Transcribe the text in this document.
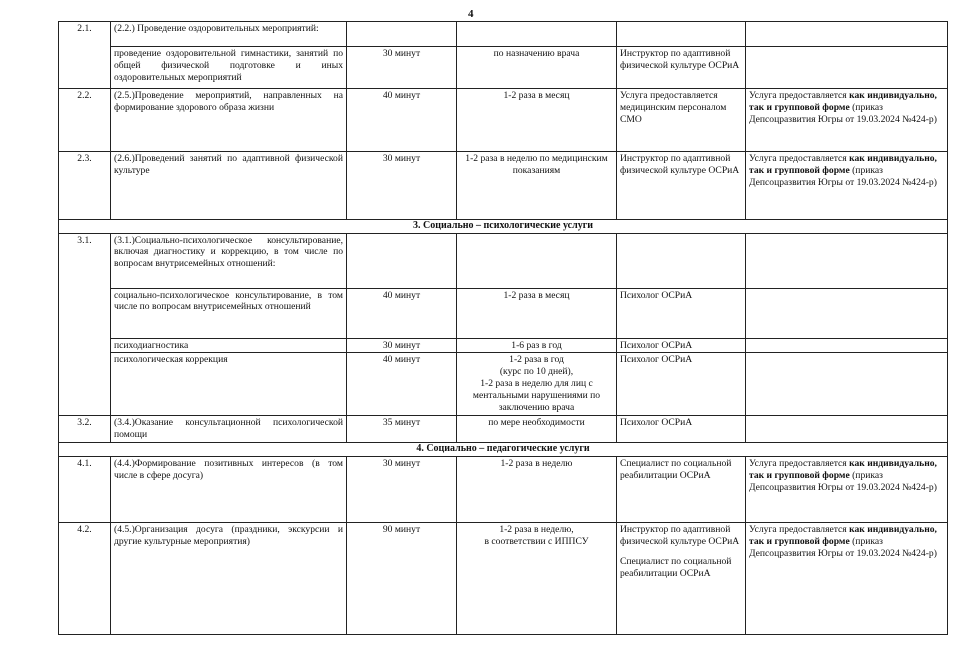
4
2.1.	(2.2.) Проведение оздоровительных мероприятий:				
	проведение оздоровительной гимнастики, занятий по общей физической подготовке и иных оздоровительных мероприятий	30 минут	по назначению врача	Инструктор по адаптивной физической культуре ОСРиА	
2.2.	(2.5.)Проведение мероприятий, направленных на формирование здорового образа жизни	40 минут	1-2 раза в месяц	Услуга предоставляется медицинским персоналом СМО	Услуга предоставляется как индивидуально, так и групповой форме (приказ Депсоцразвития Югры от 19.03.2024 №424-р)
2.3.	(2.6.)Проведений занятий по адаптивной физической культуре	30 минут	1-2 раза в неделю по медицинским показаниям	Инструктор по адаптивной физической культуре ОСРиА	Услуга предоставляется как индивидуально, так и групповой форме (приказ Депсоцразвития Югры от 19.03.2024 №424-р)
3. Социально – психологические услуги					
3.1.	(3.1.)Социально-психологическое консультирование, включая диагностику и коррекцию, в том числе по вопросам внутрисемейных отношений:				
	социально-психологическое консультирование, в том числе по вопросам внутрисемейных отношений	40 минут	1-2 раза в месяц	Психолог ОСРиА	
	психодиагностика	30 минут	1-6 раз в год	Психолог ОСРиА	
	психологическая коррекция	40 минут	1-2 раза в год
(курс по 10 дней),
1-2 раза в неделю для лиц с ментальными нарушениями по заключению врача	Психолог ОСРиА	
3.2.	(3.4.)Оказание консультационной психологической помощи	35 минут	по мере необходимости	Психолог ОСРиА	
4. Социально – педагогические услуги					
4.1.	(4.4.)Формирование позитивных интересов (в том числе в сфере досуга)	30 минут	1-2 раза в неделю	Специалист по социальной реабилитации ОСРиА	Услуга предоставляется как индивидуально, так и групповой форме (приказ Депсоцразвития Югры от 19.03.2024 №424-р)
4.2.	(4.5.)Организация досуга (праздники, экскурсии и другие культурные мероприятия)	90 минут	1-2 раза в неделю,
в соответствии с ИППСУ	Инструктор по адаптивной физической культуре ОСРиА
Специалист по социальной реабилитации ОСРиА	Услуга предоставляется как индивидуально, так и групповой форме (приказ Депсоцразвития Югры от 19.03.2024 №424-р)
